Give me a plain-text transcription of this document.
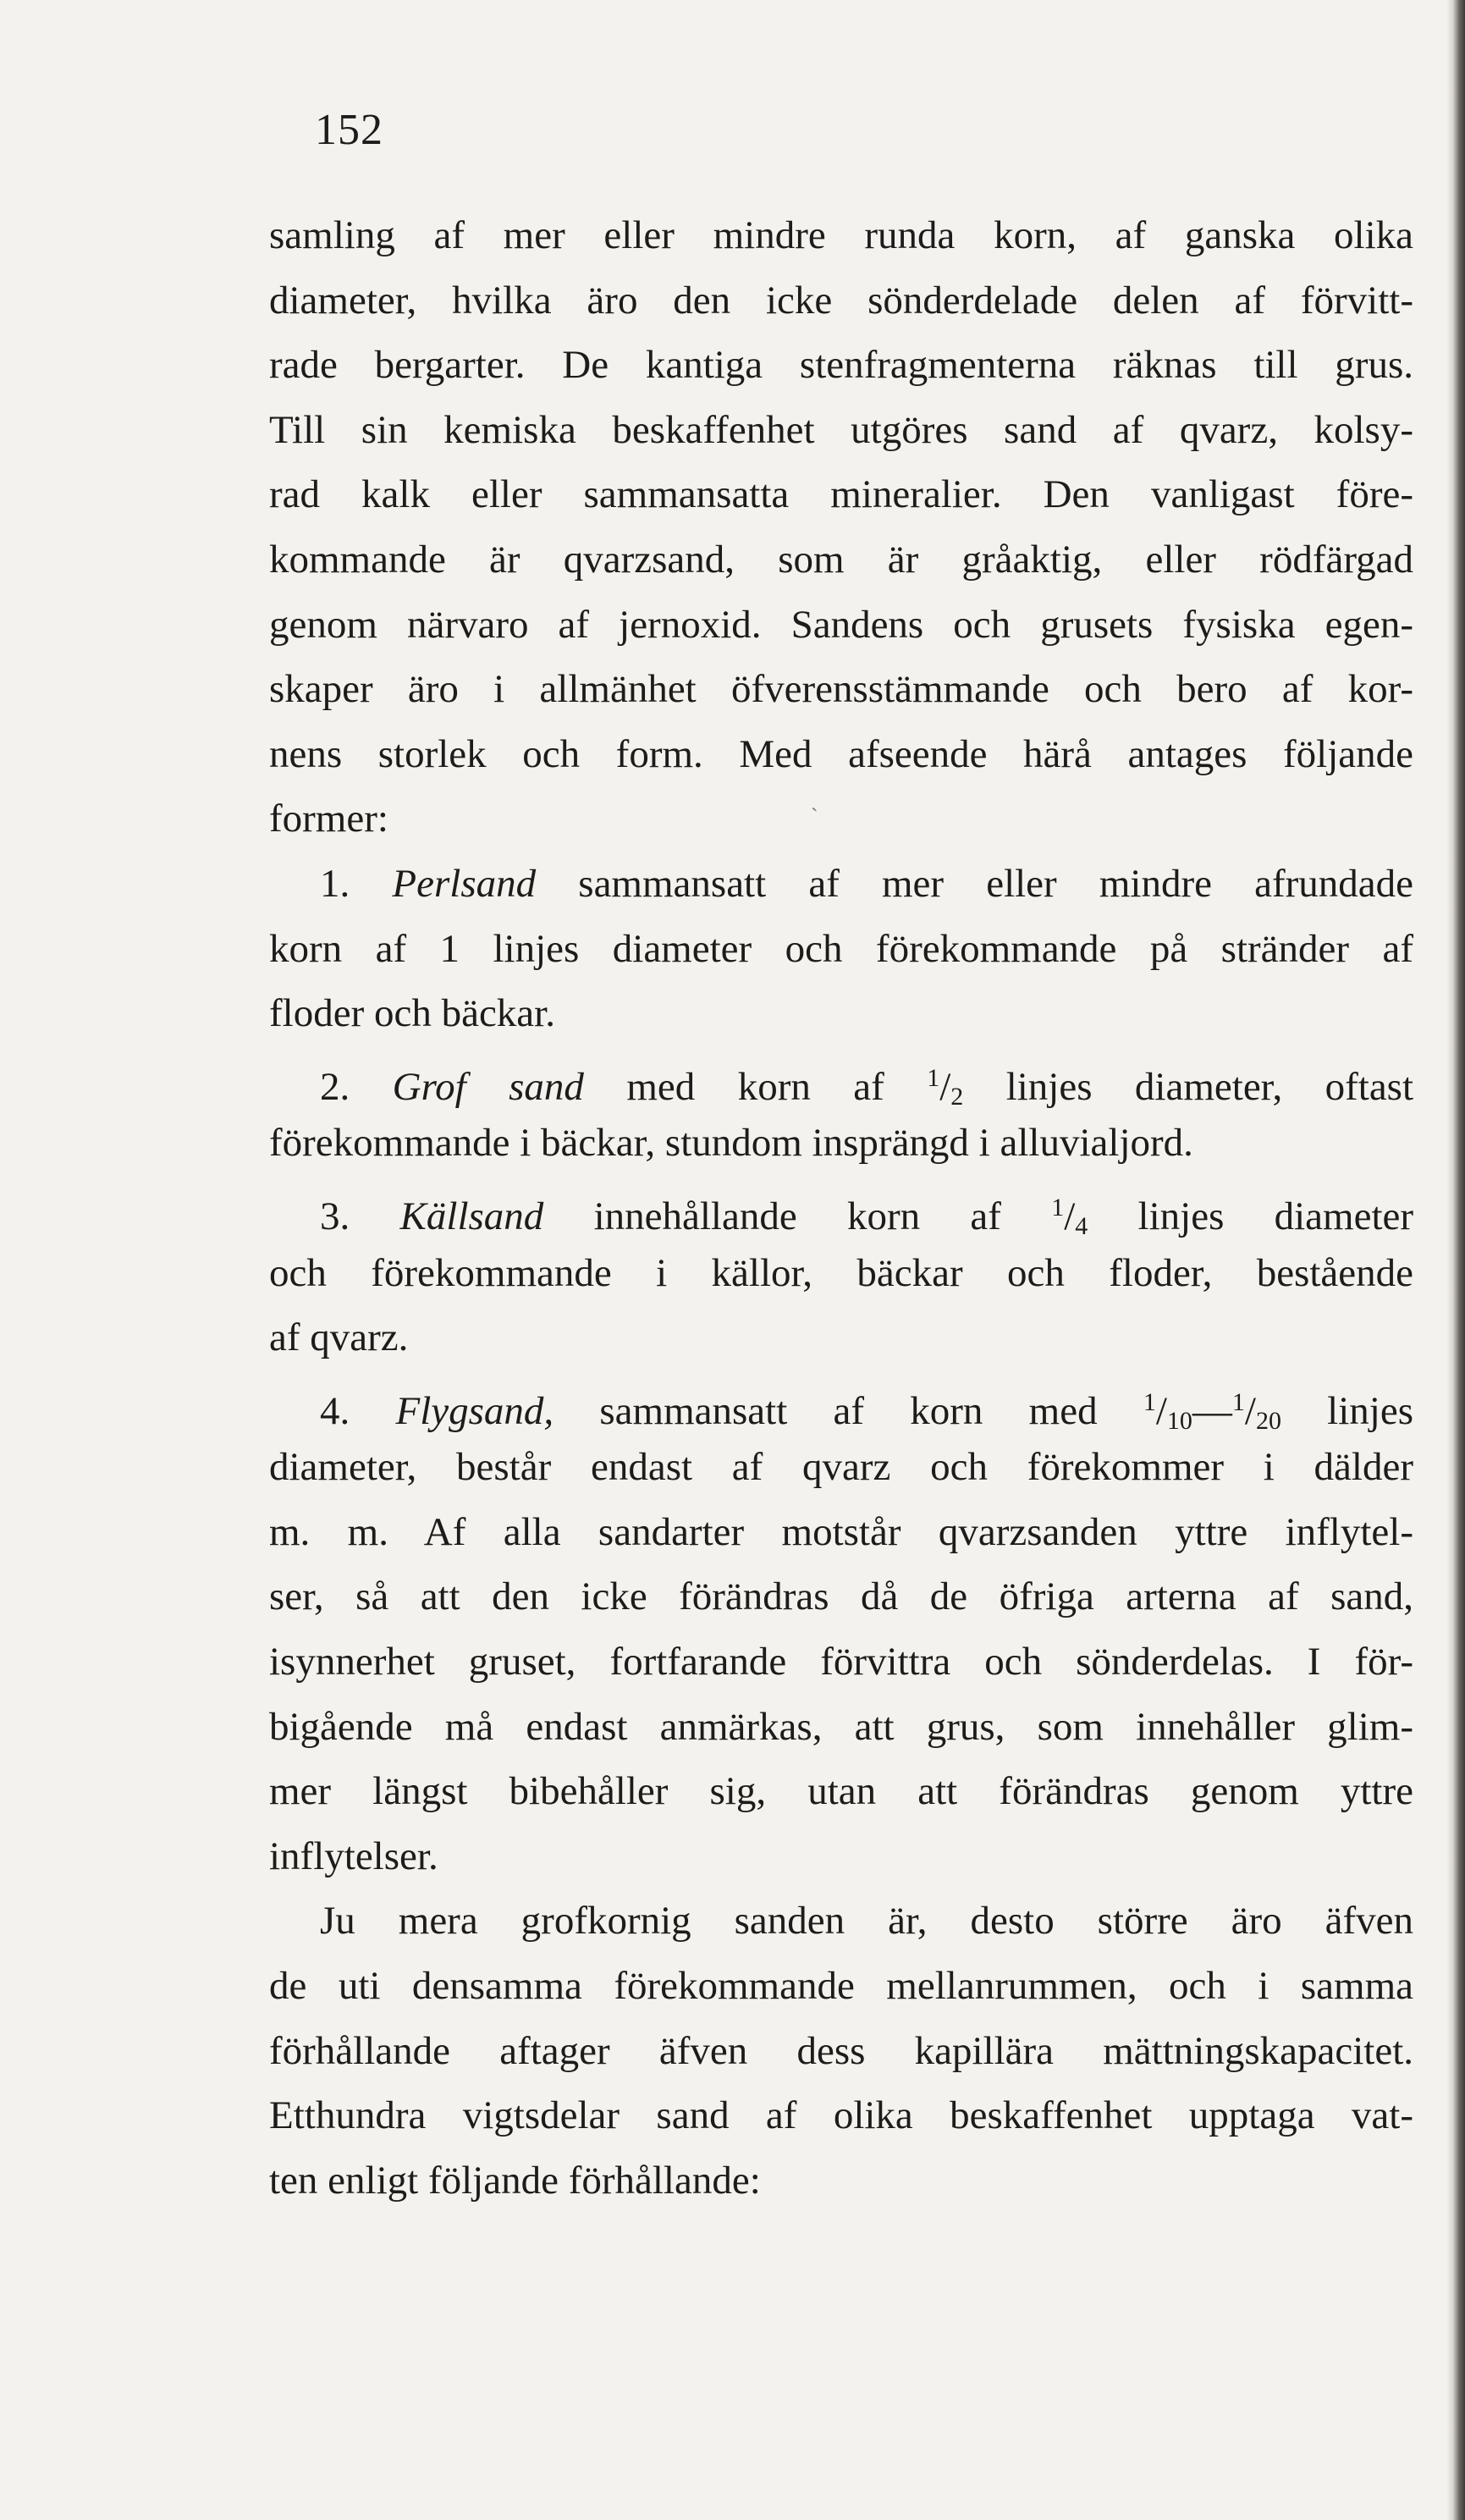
152
ˎ
samling af mer eller mindre runda korn, af ganska olika
diameter, hvilka äro den icke sönderdelade delen af förvitt-
rade bergarter. De kantiga stenfragmenterna räknas till grus.
Till sin kemiska beskaffenhet utgöres sand af qvarz, kolsy-
rad kalk eller sammansatta mineralier. Den vanligast före-
kommande är qvarzsand, som är gråaktig, eller rödfärgad
genom närvaro af jernoxid. Sandens och grusets fysiska egen-
skaper äro i allmänhet öfverensstämmande och bero af kor-
nens storlek och form. Med afseende härå antages följande
former:
1. Perlsand sammansatt af mer eller mindre afrundade
korn af 1 linjes diameter och förekommande på stränder af
floder och bäckar.
2. Grof sand med korn af $^1/_2$ linjes diameter, oftast
förekommande i bäckar, stundom insprängd i alluvialjord.
3. Källsand innehållande korn af $^1/_4$ linjes diameter
och förekommande i källor, bäckar och floder, bestående
af qvarz.
4. Flygsand, sammansatt af korn med $^1/_{10}—^1/_{20}$ linjes
diameter, består endast af qvarz och förekommer i dälder
m. m. Af alla sandarter motstår qvarzsanden yttre inflytel-
ser, så att den icke förändras då de öfriga arterna af sand,
isynnerhet gruset, fortfarande förvittra och sönderdelas. I för-
bigående må endast anmärkas, att grus, som innehåller glim-
mer längst bibehåller sig, utan att förändras genom yttre
inflytelser.
Ju mera grofkornig sanden är, desto större äro äfven
de uti densamma förekommande mellanrummen, och i samma
förhållande aftager äfven dess kapillära mättningskapacitet.
Etthundra vigtsdelar sand af olika beskaffenhet upptaga vat-
ten enligt följande förhållande:
